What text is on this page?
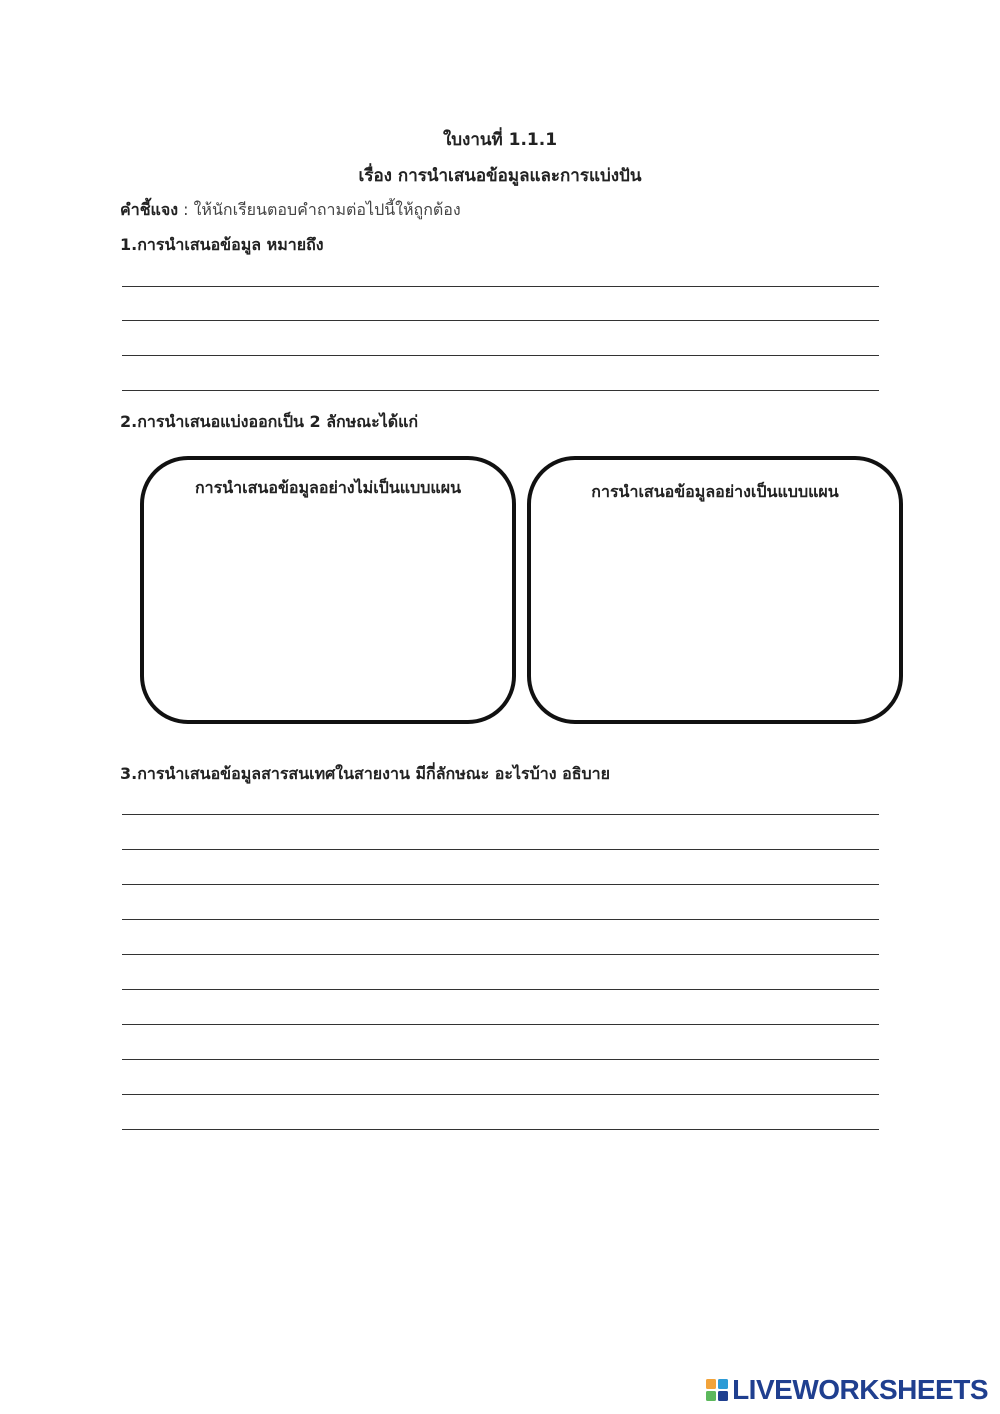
ใบงานที่ 1.1.1
เรื่อง การนำเสนอข้อมูลและการแบ่งปัน
คำชี้แจง : ให้นักเรียนตอบคำถามต่อไปนี้ให้ถูกต้อง
1.การนำเสนอข้อมูล หมายถึง
2.การนำเสนอแบ่งออกเป็น 2 ลักษณะได้แก่
การนำเสนอข้อมูลอย่างไม่เป็นแบบแผน	การนำเสนอข้อมูลอย่างเป็นแบบแผน
3.การนำเสนอข้อมูลสารสนเทศในสายงาน มีกี่ลักษณะ อะไรบ้าง อธิบาย
LIVEWORKSHEETS
